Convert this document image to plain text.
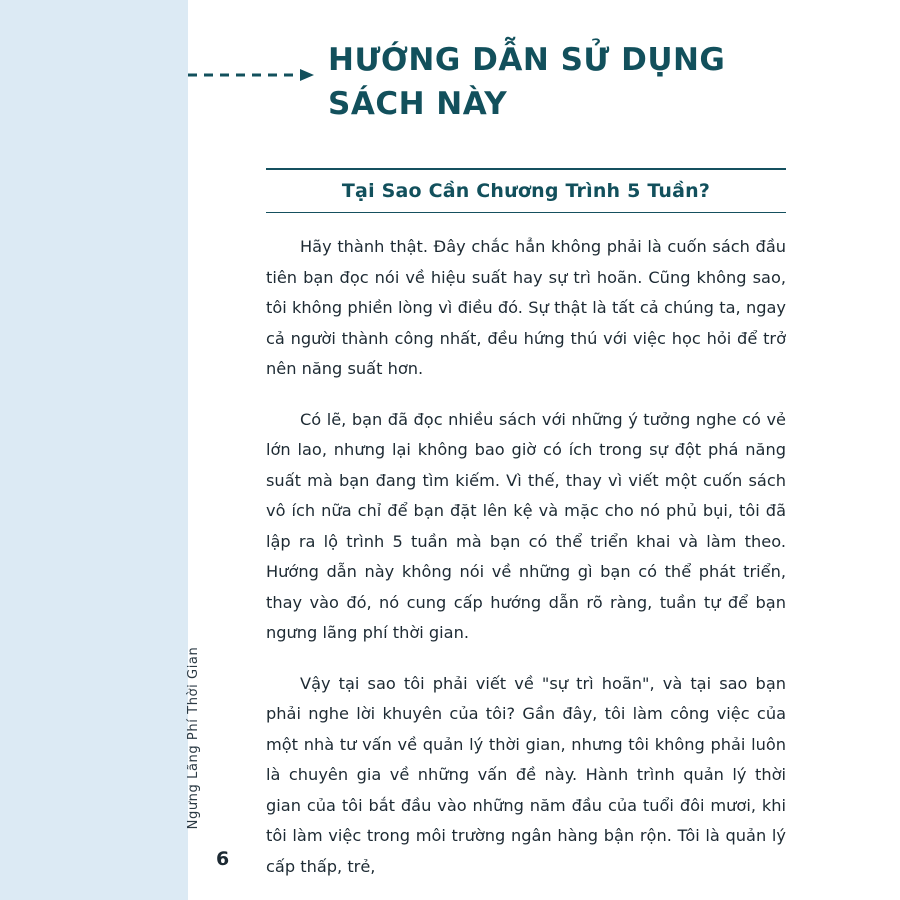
Ngưng Lãng Phí Thời Gian
HƯỚNG DẪN SỬ DỤNG
SÁCH NÀY
Tại Sao Cần Chương Trình 5 Tuần?

Hãy thành thật. Đây chắc hẳn không phải là cuốn sách đầu tiên bạn đọc nói về hiệu suất hay sự trì hoãn. Cũng không sao, tôi không phiền lòng vì điều đó. Sự thật là tất cả chúng ta, ngay cả người thành công nhất, đều hứng thú với việc học hỏi để trở nên năng suất hơn.

Có lẽ, bạn đã đọc nhiều sách với những ý tưởng nghe có vẻ lớn lao, nhưng lại không bao giờ có ích trong sự đột phá năng suất mà bạn đang tìm kiếm. Vì thế, thay vì viết một cuốn sách vô ích nữa chỉ để bạn đặt lên kệ và mặc cho nó phủ bụi, tôi đã lập ra lộ trình 5 tuần mà bạn có thể triển khai và làm theo. Hướng dẫn này không nói về những gì bạn có thể phát triển, thay vào đó, nó cung cấp hướng dẫn rõ ràng, tuần tự để bạn ngưng lãng phí thời gian.

Vậy tại sao tôi phải viết về "sự trì hoãn", và tại sao bạn phải nghe lời khuyên của tôi? Gần đây, tôi làm công việc của một nhà tư vấn về quản lý thời gian, nhưng tôi không phải luôn là chuyên gia về những vấn đề này. Hành trình quản lý thời gian của tôi bắt đầu vào những năm đầu của tuổi đôi mươi, khi tôi làm việc trong môi trường ngân hàng bận rộn. Tôi là quản lý cấp thấp, trẻ,

6
